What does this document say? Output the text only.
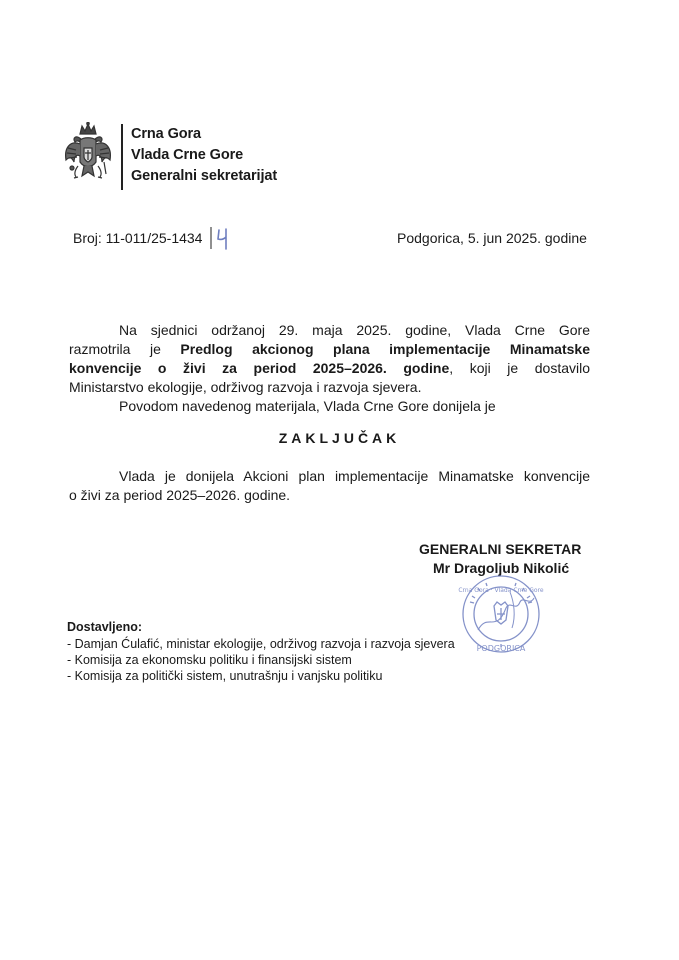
Crna Gora
Vlada Crne Gore
Generalni sekretarijat
Broj: 11-011/25-1434	Podgorica, 5. jun 2025. godine

Na sjednici održanoj 29. maja 2025. godine, Vlada Crne Gore

razmotrila je Predlog akcionog plana implementacije Minamatske

konvencije o živi za period 2025–2026. godine, koji je dostavilo

Ministarstvo ekologije, održivog razvoja i razvoja sjevera.

Povodom navedenog materijala, Vlada Crne Gore donijela je

ZAKLJUČAK

Vlada je donijela Akcioni plan implementacije Minamatske konvencije

o živi za period 2025–2026. godine.

GENERALNI SEKRETAR
Mr Dragoljub Nikolić
PODGORICA
Crna Gora · Vlada Crne Gore
Dostavljeno:
- Damjan Ćulafić, ministar ekologije, održivog razvoja i razvoja sjevera
- Komisija za ekonomsku politiku i finansijski sistem
- Komisija za politički sistem, unutrašnju i vanjsku politiku
